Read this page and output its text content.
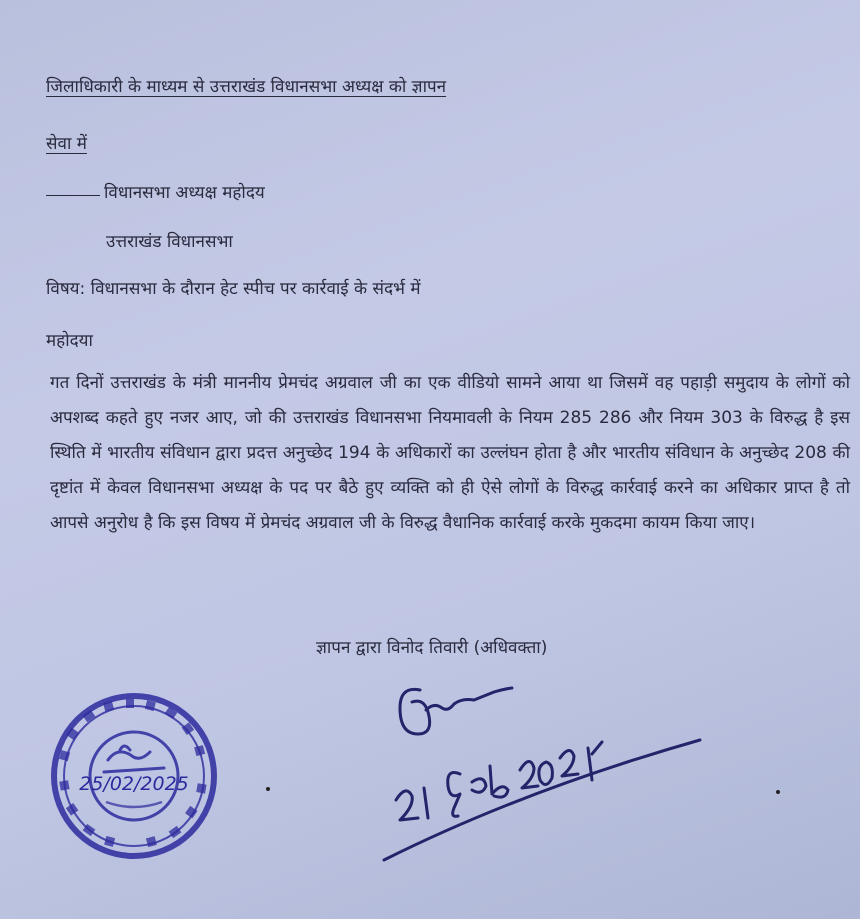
जिलाधिकारी के माध्यम से उत्तराखंड विधानसभा अध्यक्ष को ज्ञापन
सेवा में
विधानसभा अध्यक्ष महोदय
उत्तराखंड विधानसभा
विषय: विधानसभा के दौरान हेट स्पीच पर कार्रवाई के संदर्भ में
महोदया
गत दिनों उत्तराखंड के मंत्री माननीय प्रेमचंद अग्रवाल जी का एक वीडियो सामने आया था जिसमें वह पहाड़ी समुदाय के लोगों को अपशब्द कहते हुए नजर आए, जो की उत्तराखंड विधानसभा नियमावली के नियम 285 286 और नियम 303 के विरुद्ध है इस स्थिति में भारतीय संविधान द्वारा प्रदत्त अनुच्छेद 194 के अधिकारों का उल्लंघन होता है और भारतीय संविधान के अनुच्छेद 208 की दृष्टांत में केवल विधानसभा अध्यक्ष के पद पर बैठे हुए व्यक्ति को ही ऐसे लोगों के विरुद्ध कार्रवाई करने का अधिकार प्राप्त है तो आपसे अनुरोध है कि इस विषय में प्रेमचंद अग्रवाल जी के विरुद्ध वैधानिक कार्रवाई करके मुकदमा कायम किया जाए।
ज्ञापन द्वारा विनोद तिवारी (अधिवक्ता)
25/02/2025
